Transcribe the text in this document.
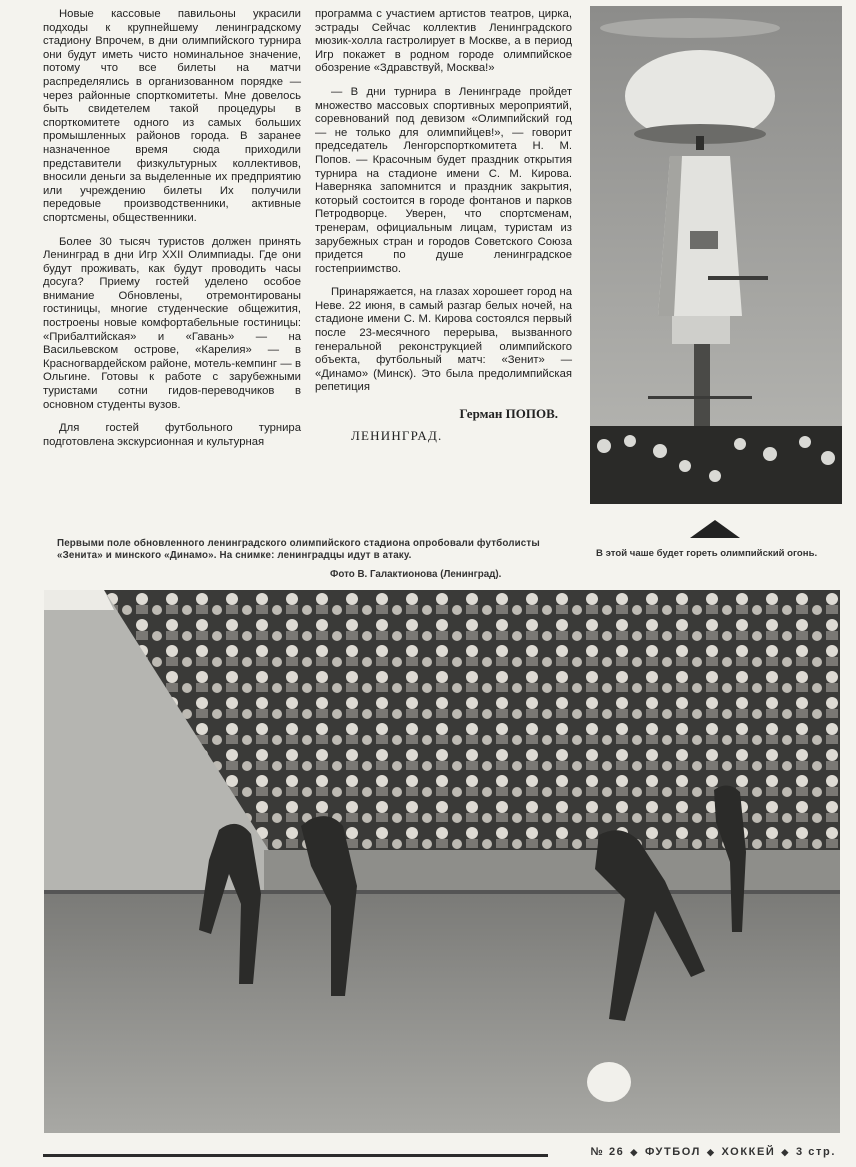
Новые кассовые павильоны украсили подходы к крупнейшему ленинградскому стадиону Впрочем, в дни олимпийского турнира они будут иметь чисто номинальное значение, потому что все билеты на матчи распределялись в организованном порядке — через районные спорткомитеты. Мне довелось быть свидетелем такой процедуры в спорткомитете одного из самых больших промышленных районов города. В заранее назначенное время сюда приходили представители физкультурных коллективов, вносили деньги за выделенные их предприятию или учреждению билеты Их получили передовые производственники, активные спортсмены, общественники.

Более 30 тысяч туристов должен принять Ленинград в дни Игр XXII Олимпиады. Где они будут проживать, как будут проводить часы досуга? Приему гостей уделено особое внимание Обновлены, отремонтированы гостиницы, многие студенческие общежития, построены новые комфортабельные гостиницы: «Прибалтийская» и «Гавань» — на Васильевском острове, «Карелия» — в Красногвардейском районе, мотель-кемпинг — в Ольгине. Готовы к работе с зарубежными туристами сотни гидов-переводчиков в основном студенты вузов.

Для гостей футбольного турнира подготовлена экскурсионная и культурная

программа с участием артистов театров, цирка, эстрады Сейчас коллектив Ленинградского мюзик-холла гастролирует в Москве, а в период Игр покажет в родном городе олимпийское обозрение «Здравствуй, Москва!»

— В дни турнира в Ленинграде пройдет множество массовых спортивных мероприятий, соревнований под девизом «Олимпийский год — не только для олимпийцев!», — говорит председатель Ленгорспорткомитета Н. М. Попов. — Красочным будет праздник открытия турнира на стадионе имени С. М. Кирова. Наверняка запомнится и праздник закрытия, который состоится в городе фонтанов и парков Петродворце. Уверен, что спортсменам, тренерам, официальным лицам, туристам из зарубежных стран и городов Советского Союза придется по душе ленинградское гостеприимство.

Принаряжается, на глазах хорошеет город на Неве. 22 июня, в самый разгар белых ночей, на стадионе имени С. М. Кирова состоялся первый после 23-месячного перерыва, вызванного генеральной реконструкцией олимпийского объекта, футбольный матч: «Зенит» — «Динамо» (Минск). Это была предолимпийская репетиция

Герман ПОПОВ.
ЛЕНИНГРАД.
В этой чаше будет гореть олимпийский огонь.
Первыми поле обновленного ленинградского олимпийского стадиона опробовали футболисты «Зенита» и минского «Динамо». На снимке: ленинградцы идут в атаку.
Фото В. Галактионова (Ленинград).
№ 26 ◆ ФУТБОЛ ◆ ХОККЕЙ ◆ 3 стр.
